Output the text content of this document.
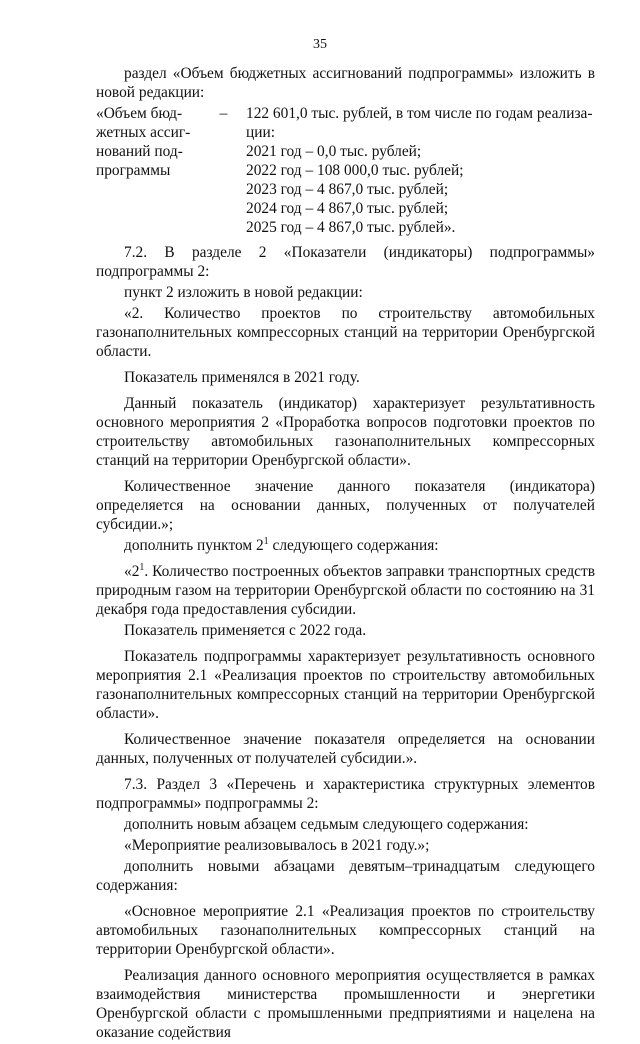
35

раздел «Объем бюджетных ассигнований подпрограммы» изложить в новой редакции:

«Объем бюд-
жетных ассиг-
нований под-
программы
–	122 601,0 тыс. рублей, в том числе по годам реализа-
ции:
2021 год – 0,0 тыс. рублей;
2022 год – 108 000,0 тыс. рублей;
2023 год – 4 867,0 тыс. рублей;
2024 год – 4 867,0 тыс. рублей;
2025 год – 4 867,0 тыс. рублей».

7.2. В разделе 2 «Показатели (индикаторы) подпрограммы» подпрограммы 2:

пункт 2 изложить в новой редакции:

«2. Количество проектов по строительству автомобильных газонаполнительных компрессорных станций на территории Оренбургской области.

Показатель применялся в 2021 году.

Данный показатель (индикатор) характеризует результативность основного мероприятия 2 «Проработка вопросов подготовки проектов по строительству автомобильных газонаполнительных компрессорных станций на территории Оренбургской области».

Количественное значение данного показателя (индикатора) определяется на основании данных, полученных от получателей субсидии.»;

дополнить пунктом $2^1$ следующего содержания:

«$2^1$. Количество построенных объектов заправки транспортных средств природным газом на территории Оренбургской области по состоянию на 31 декабря года предоставления субсидии.

Показатель применяется с 2022 года.

Показатель подпрограммы характеризует результативность основного мероприятия 2.1 «Реализация проектов по строительству автомобильных газонаполнительных компрессорных станций на территории Оренбургской области».

Количественное значение показателя определяется на основании данных, полученных от получателей субсидии.».

7.3. Раздел 3 «Перечень и характеристика структурных элементов подпрограммы» подпрограммы 2:

дополнить новым абзацем седьмым следующего содержания:

«Мероприятие реализовывалось в 2021 году.»;

дополнить новыми абзацами девятым–тринадцатым следующего содержания:

«Основное мероприятие 2.1 «Реализация проектов по строительству автомобильных газонаполнительных компрессорных станций на территории Оренбургской области».

Реализация данного основного мероприятия осуществляется в рамках взаимодействия министерства промышленности и энергетики Оренбургской области с промышленными предприятиями и нацелена на оказание содействия
